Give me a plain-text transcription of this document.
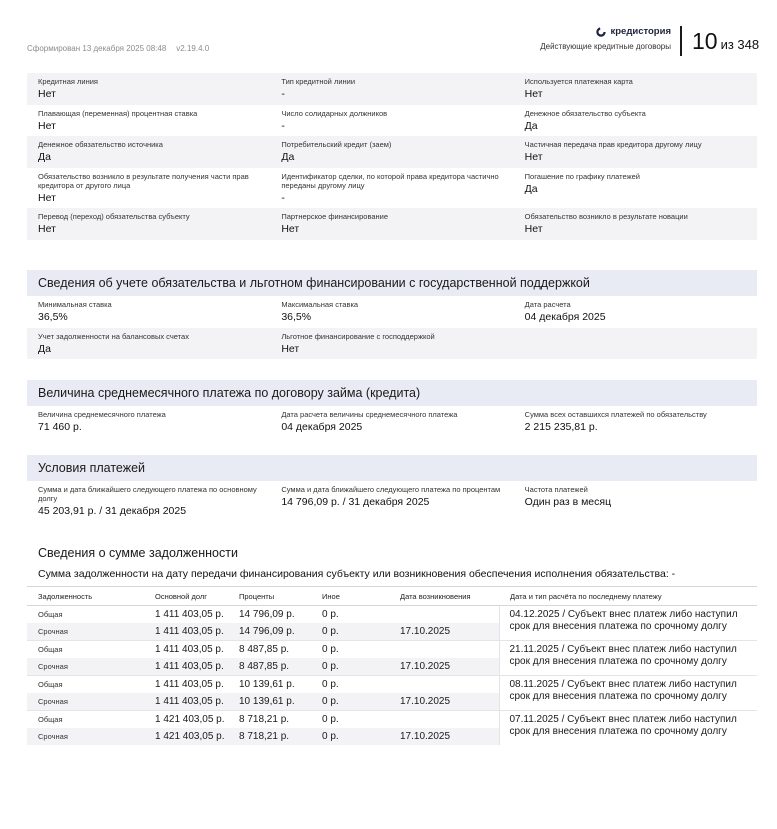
Сформирован 13 декабря 2025 08:48 v2.19.4.0
кредистория
Действующие кредитные договоры 10 из 348
Кредитная линия
Нет
Тип кредитной линии
-
Используется платежная карта
Нет
Плавающая (переменная) процентная ставка
Нет
Число солидарных должников
-
Денежное обязательство субъекта
Да
Денежное обязательство источника
Да
Потребительский кредит (заем)
Да
Частичная передача прав кредитора другому лицу
Нет
Обязательство возникло в результате получения части прав кредитора от другого лица
Нет
Идентификатор сделки, по которой права кредитора частично переданы другому лицу
-
Погашение по графику платежей
Да
Перевод (переход) обязательства субъекту
Нет
Партнерское финансирование
Нет
Обязательство возникло в результате новации
Нет
Сведения об учете обязательства и льготном финансировании с государственной поддержкой
Минимальная ставка
36,5%
Максимальная ставка
36,5%
Дата расчета
04 декабря 2025
Учет задолженности на балансовых счетах
Да
Льготное финансирование с господдержкой
Нет
Величина среднемесячного платежа по договору займа (кредита)
Величина среднемесячного платежа
71 460 р.
Дата расчета величины среднемесячного платежа
04 декабря 2025
Сумма всех оставшихся платежей по обязательству
2 215 235,81 р.
Условия платежей
Сумма и дата ближайшего следующего платежа по основному долгу
45 203,91 р. / 31 декабря 2025
Сумма и дата ближайшего следующего платежа по процентам
14 796,09 р. / 31 декабря 2025
Частота платежей
Один раз в месяц
Сведения о сумме задолженности
Сумма задолженности на дату передачи финансирования субъекту или возникновения обеспечения исполнения обязательства: -
Задолженность	Основной долг	Проценты	Иное	Дата возникновения	Дата и тип расчёта по последнему платежу
Общая	1 411 403,05 р.	14 796,09 р.	0 р.		04.12.2025 / Субъект внес платеж либо наступил срок для внесения платежа по срочному долгу
Срочная	1 411 403,05 р.	14 796,09 р.	0 р.	17.10.2025	
Общая	1 411 403,05 р.	8 487,85 р.	0 р.		21.11.2025 / Субъект внес платеж либо наступил срок для внесения платежа по срочному долгу
Срочная	1 411 403,05 р.	8 487,85 р.	0 р.	17.10.2025	
Общая	1 411 403,05 р.	10 139,61 р.	0 р.		08.11.2025 / Субъект внес платеж либо наступил срок для внесения платежа по срочному долгу
Срочная	1 411 403,05 р.	10 139,61 р.	0 р.	17.10.2025	
Общая	1 421 403,05 р.	8 718,21 р.	0 р.		07.11.2025 / Субъект внес платеж либо наступил срок для внесения платежа по срочному долгу
Срочная	1 421 403,05 р.	8 718,21 р.	0 р.	17.10.2025	
